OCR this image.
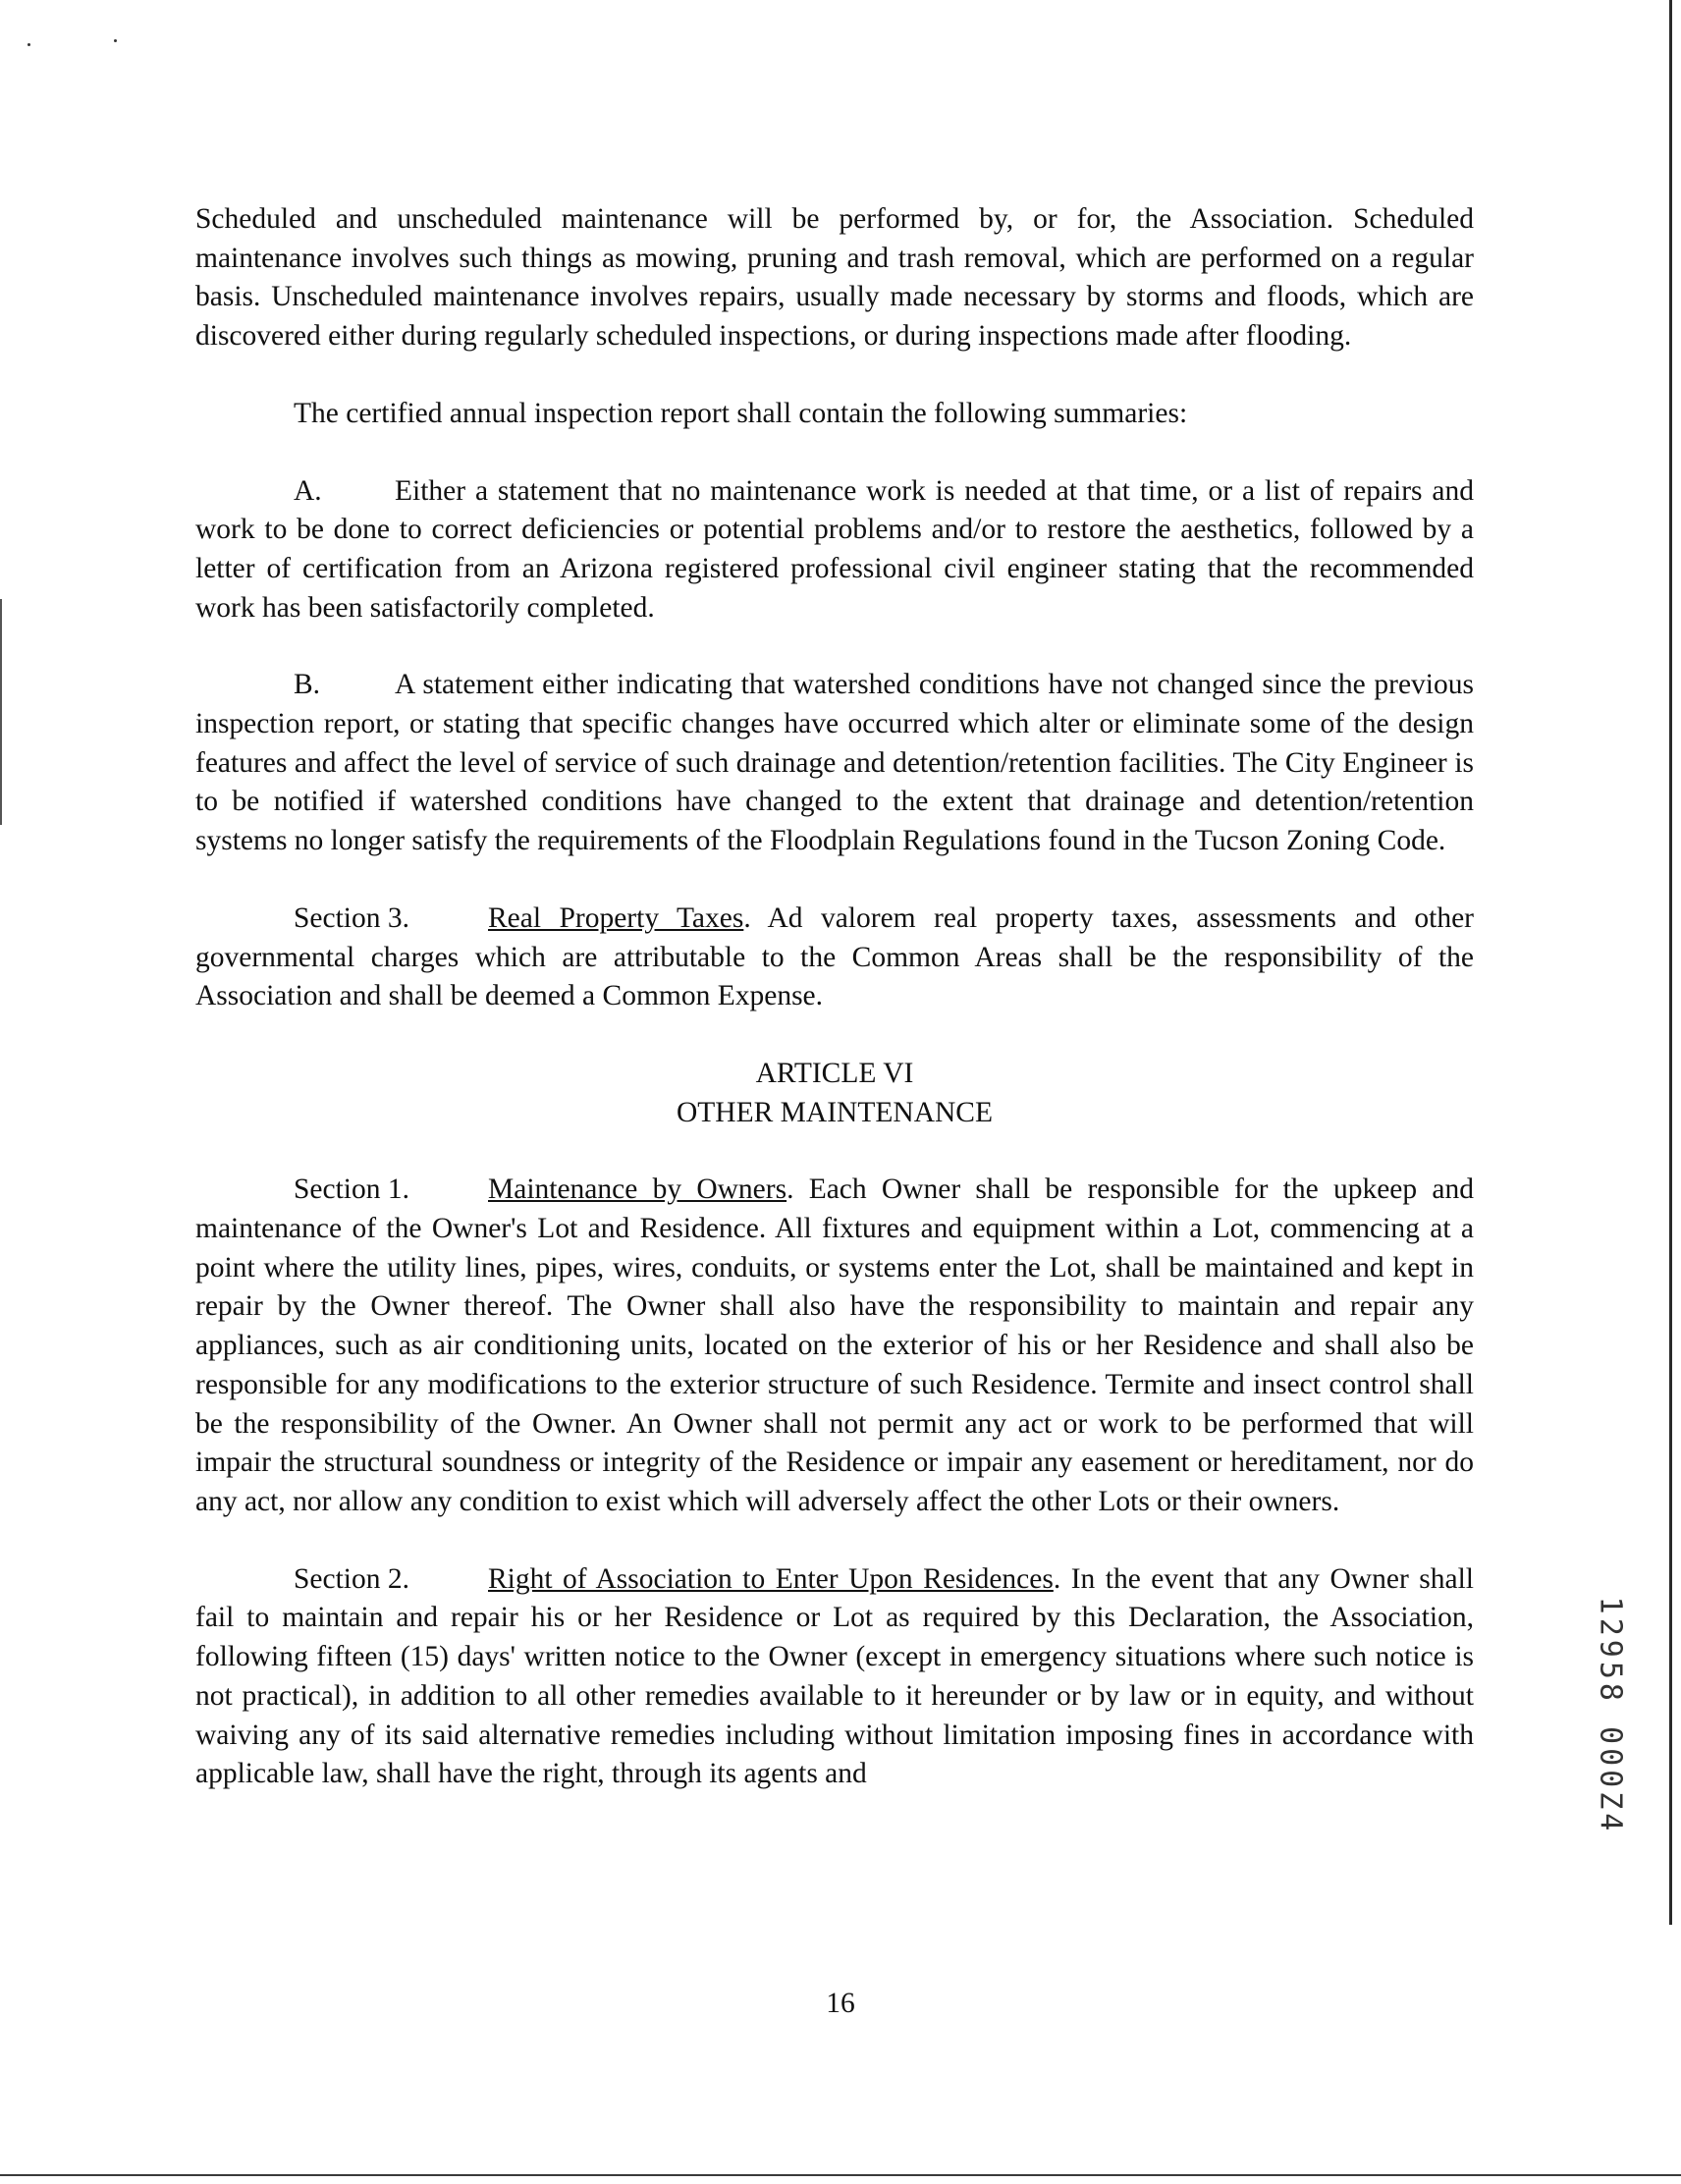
Scheduled and unscheduled maintenance will be performed by, or for, the Association. Scheduled maintenance involves such things as mowing, pruning and trash removal, which are performed on a regular basis. Unscheduled maintenance involves repairs, usually made necessary by storms and floods, which are discovered either during regularly scheduled inspections, or during inspections made after flooding.

The certified annual inspection report shall contain the following summaries:

A.	Either a statement that no maintenance work is needed at that time, or a list of repairs and work to be done to correct deficiencies or potential problems and/or to restore the aesthetics, followed by a letter of certification from an Arizona registered professional civil engineer stating that the recommended work has been satisfactorily completed.

B.	A statement either indicating that watershed conditions have not changed since the previous inspection report, or stating that specific changes have occurred which alter or eliminate some of the design features and affect the level of service of such drainage and detention/retention facilities. The City Engineer is to be notified if watershed conditions have changed to the extent that drainage and detention/retention systems no longer satisfy the requirements of the Floodplain Regulations found in the Tucson Zoning Code.

Section 3.	Real Property Taxes. Ad valorem real property taxes, assessments and other governmental charges which are attributable to the Common Areas shall be the responsibility of the Association and shall be deemed a Common Expense.

ARTICLE VI
OTHER MAINTENANCE

Section 1.	Maintenance by Owners. Each Owner shall be responsible for the upkeep and maintenance of the Owner's Lot and Residence. All fixtures and equipment within a Lot, commencing at a point where the utility lines, pipes, wires, conduits, or systems enter the Lot, shall be maintained and kept in repair by the Owner thereof. The Owner shall also have the responsibility to maintain and repair any appliances, such as air conditioning units, located on the exterior of his or her Residence and shall also be responsible for any modifications to the exterior structure of such Residence. Termite and insect control shall be the responsibility of the Owner. An Owner shall not permit any act or work to be performed that will impair the structural soundness or integrity of the Residence or impair any easement or hereditament, nor do any act, nor allow any condition to exist which will adversely affect the other Lots or their owners.

Section 2.	Right of Association to Enter Upon Residences. In the event that any Owner shall fail to maintain and repair his or her Residence or Lot as required by this Declaration, the Association, following fifteen (15) days' written notice to the Owner (except in emergency situations where such notice is not practical), in addition to all other remedies available to it hereunder or by law or in equity, and without waiving any of its said alternative remedies including without limitation imposing fines in accordance with applicable law, shall have the right, through its agents and

16
12958 000Z4
